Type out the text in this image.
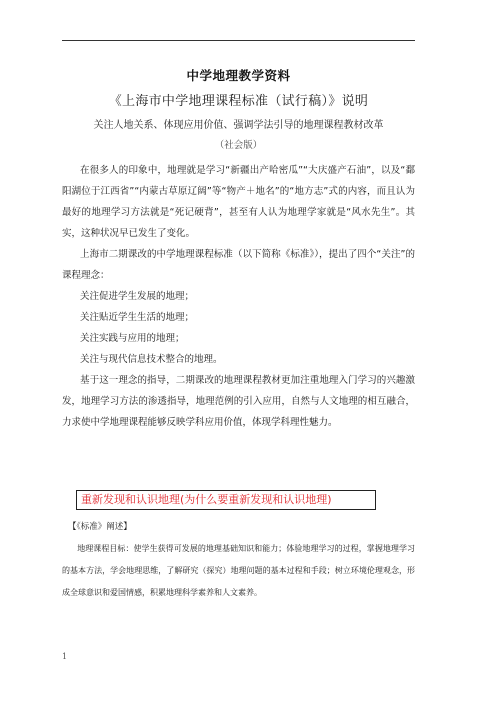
中学地理教学资料
《上海市中学地理课程标准（试行稿）》说明
关注人地关系、体现应用价值、强调学法引导的地理课程教材改革
（社会版）

在很多人的印象中，地理就是学习“新疆出产哈密瓜”“大庆盛产石油”，以及“鄱阳湖位于江西省”“内蒙古草原辽阔”等“物产＋地名”的“地方志”式的内容，而且认为最好的地理学习方法就是“死记硬背”，甚至有人认为地理学家就是“风水先生”。其实，这种状况早已发生了变化。

上海市二期课改的中学地理课程标准（以下简称《标准》），提出了四个“关注”的课程理念：

关注促进学生发展的地理；

关注贴近学生生活的地理；

关注实践与应用的地理；

关注与现代信息技术整合的地理。

基于这一理念的指导，二期课改的地理课程教材更加注重地理入门学习的兴趣激发，地理学习方法的渗透指导，地理范例的引入应用，自然与人文地理的相互融合，力求使中学地理课程能够反映学科应用价值，体现学科理性魅力。

重新发现和认识地理(为什么要重新发现和认识地理)
【《标准》阐述】
地理课程目标：使学生获得可发展的地理基础知识和能力；体验地理学习的过程，掌握地理学习的基本方法，学会地理思维，了解研究（探究）地理问题的基本过程和手段；树立环境伦理观念，形成全球意识和爱国情感，积累地理科学素养和人文素养。
1
